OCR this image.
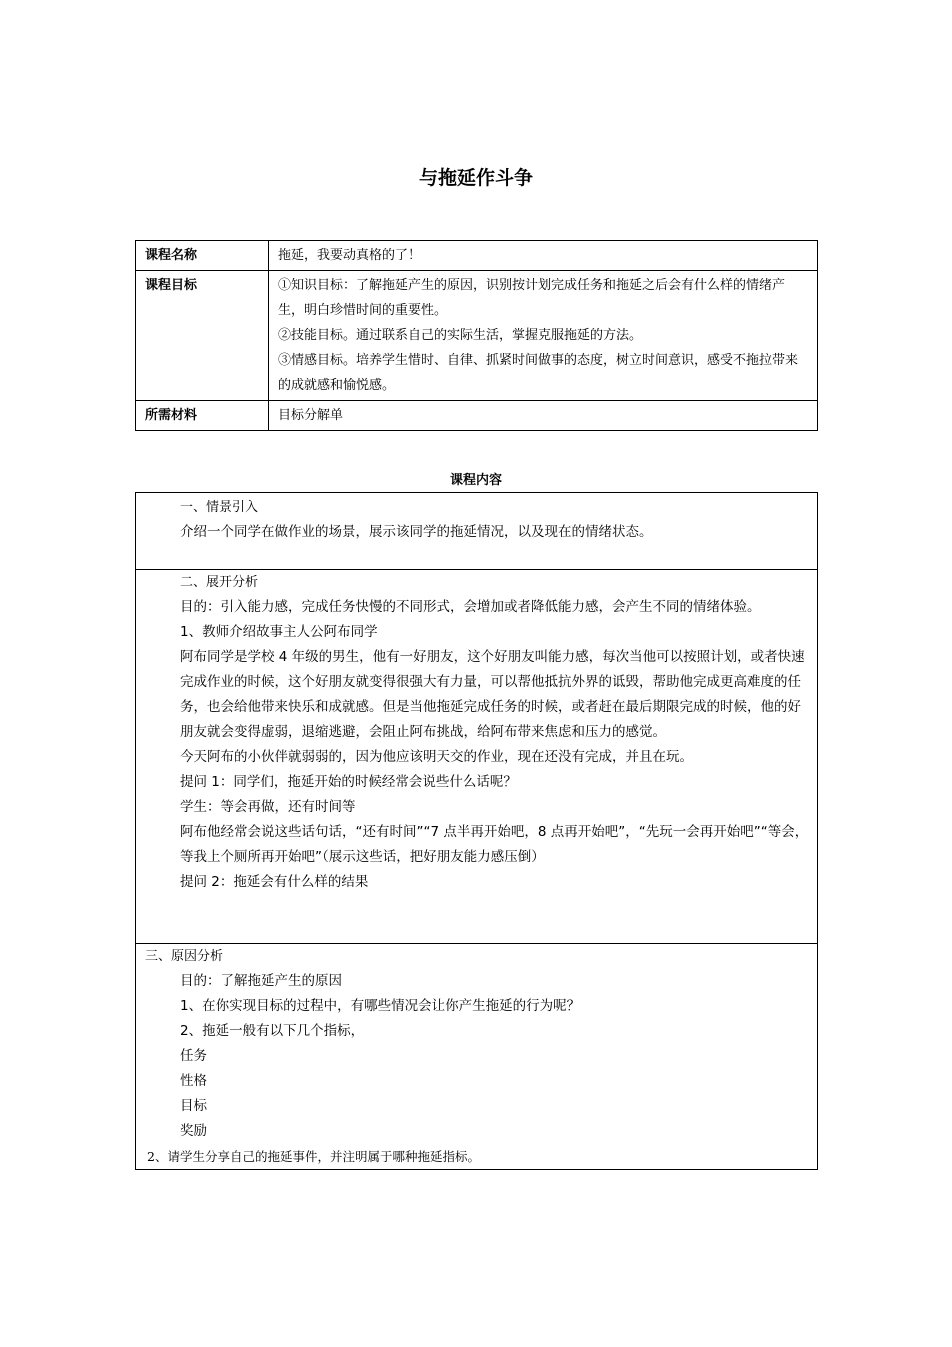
与拖延作斗争
课程名称	拖延，我要动真格的了！

课程目标	①知识目标：了解拖延产生的原因，识别按计划完成任务和拖延之后会有什么样的情绪产生，明白珍惜时间的重要性。

②技能目标。通过联系自己的实际生活，掌握克服拖延的方法。

③情感目标。培养学生惜时、自律、抓紧时间做事的态度，树立时间意识，感受不拖拉带来的成就感和愉悦感。

所需材料	目标分解单

课程内容

一、情景引入

介绍一个同学在做作业的场景，展示该同学的拖延情况，以及现在的情绪状态。

二、展开分析

目的：引入能力感，完成任务快慢的不同形式，会增加或者降低能力感，会产生不同的情绪体验。

1、教师介绍故事主人公阿布同学

阿布同学是学校 4 年级的男生，他有一好朋友，这个好朋友叫能力感，每次当他可以按照计划，或者快速完成作业的时候，这个好朋友就变得很强大有力量，可以帮他抵抗外界的诋毁，帮助他完成更高难度的任务，也会给他带来快乐和成就感。但是当他拖延完成任务的时候，或者赶在最后期限完成的时候，他的好朋友就会变得虚弱，退缩逃避，会阻止阿布挑战，给阿布带来焦虑和压力的感觉。

今天阿布的小伙伴就弱弱的，因为他应该明天交的作业，现在还没有完成，并且在玩。

提问 1：同学们，拖延开始的时候经常会说些什么话呢？

学生：等会再做，还有时间等

阿布他经常会说这些话句话，“还有时间”“7 点半再开始吧，8 点再开始吧”，“先玩一会再开始吧”“等会，等我上个厕所再开始吧”（展示这些话，把好朋友能力感压倒）

提问 2：拖延会有什么样的结果

三、原因分析

目的：了解拖延产生的原因

1、在你实现目标的过程中，有哪些情况会让你产生拖延的行为呢？

2、拖延一般有以下几个指标，

任务

性格

目标

奖励

2、请学生分享自己的拖延事件，并注明属于哪种拖延指标。
